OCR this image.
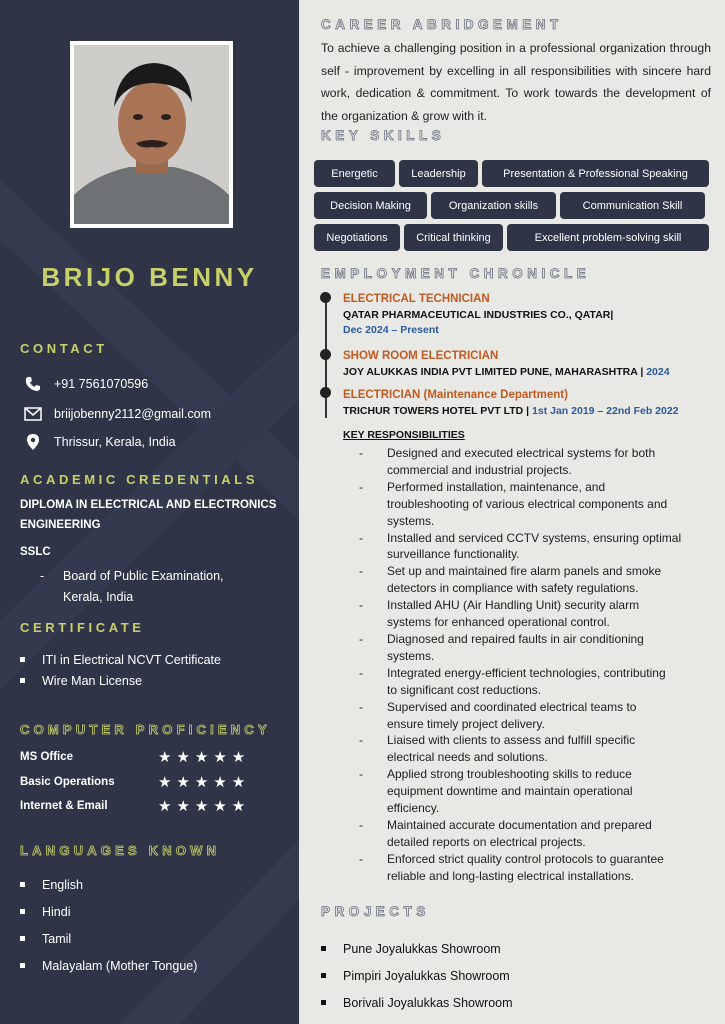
BRIJO BENNY
CONTACT
+91 7561070596
briijobenny2112@gmail.com
Thrissur, Kerala, India
ACADEMIC CREDENTIALS
DIPLOMA IN ELECTRICAL AND ELECTRONICS ENGINEERING
SSLC
-	Board of Public Examination,
Kerala, India
CERTIFICATE
ITI in Electrical NCVT Certificate
Wire Man License
COMPUTER PROFICIENCY
MS Office	★★★★★
Basic Operations	★★★★★
Internet & Email	★★★★★
LANGUAGES KNOWN
English
Hindi
Tamil
Malayalam (Mother Tongue)
CAREER ABRIDGEMENT
To achieve a challenging position in a professional organization through self - improvement by excelling in all responsibilities with sincere hard work, dedication & commitment. To work towards the development of the organization & grow with it.
KEY SKILLS
Energetic	Leadership	Presentation & Professional Speaking
Decision Making	Organization skills	Communication Skill
Negotiations	Critical thinking	Excellent problem-solving skill
EMPLOYMENT CHRONICLE
ELECTRICAL TECHNICIAN
QATAR PHARMACEUTICAL INDUSTRIES CO., QATAR|
Dec 2024 – Present
SHOW ROOM ELECTRICIAN
JOY ALUKKAS INDIA PVT LIMITED PUNE, MAHARASHTRA | 2024
ELECTRICIAN (Maintenance Department)
TRICHUR TOWERS HOTEL PVT LTD | 1st Jan 2019 – 22nd Feb 2022
KEY RESPONSIBILITIES
-	Designed and executed electrical systems for both
commercial and industrial projects.
-	Performed installation, maintenance, and
troubleshooting of various electrical components and
systems.
-	Installed and serviced CCTV systems, ensuring optimal
surveillance functionality.
-	Set up and maintained fire alarm panels and smoke
detectors in compliance with safety regulations.
-	Installed AHU (Air Handling Unit) security alarm
systems for enhanced operational control.
-	Diagnosed and repaired faults in air conditioning
systems.
-	Integrated energy-efficient technologies, contributing
to significant cost reductions.
-	Supervised and coordinated electrical teams to
ensure timely project delivery.
-	Liaised with clients to assess and fulfill specific
electrical needs and solutions.
-	Applied strong troubleshooting skills to reduce
equipment downtime and maintain operational
efficiency.
-	Maintained accurate documentation and prepared
detailed reports on electrical projects.
-	Enforced strict quality control protocols to guarantee
reliable and long-lasting electrical installations.
PROJECTS
Pune Joyalukkas Showroom
Pimpiri Joyalukkas Showroom
Borivali Joyalukkas Showroom
